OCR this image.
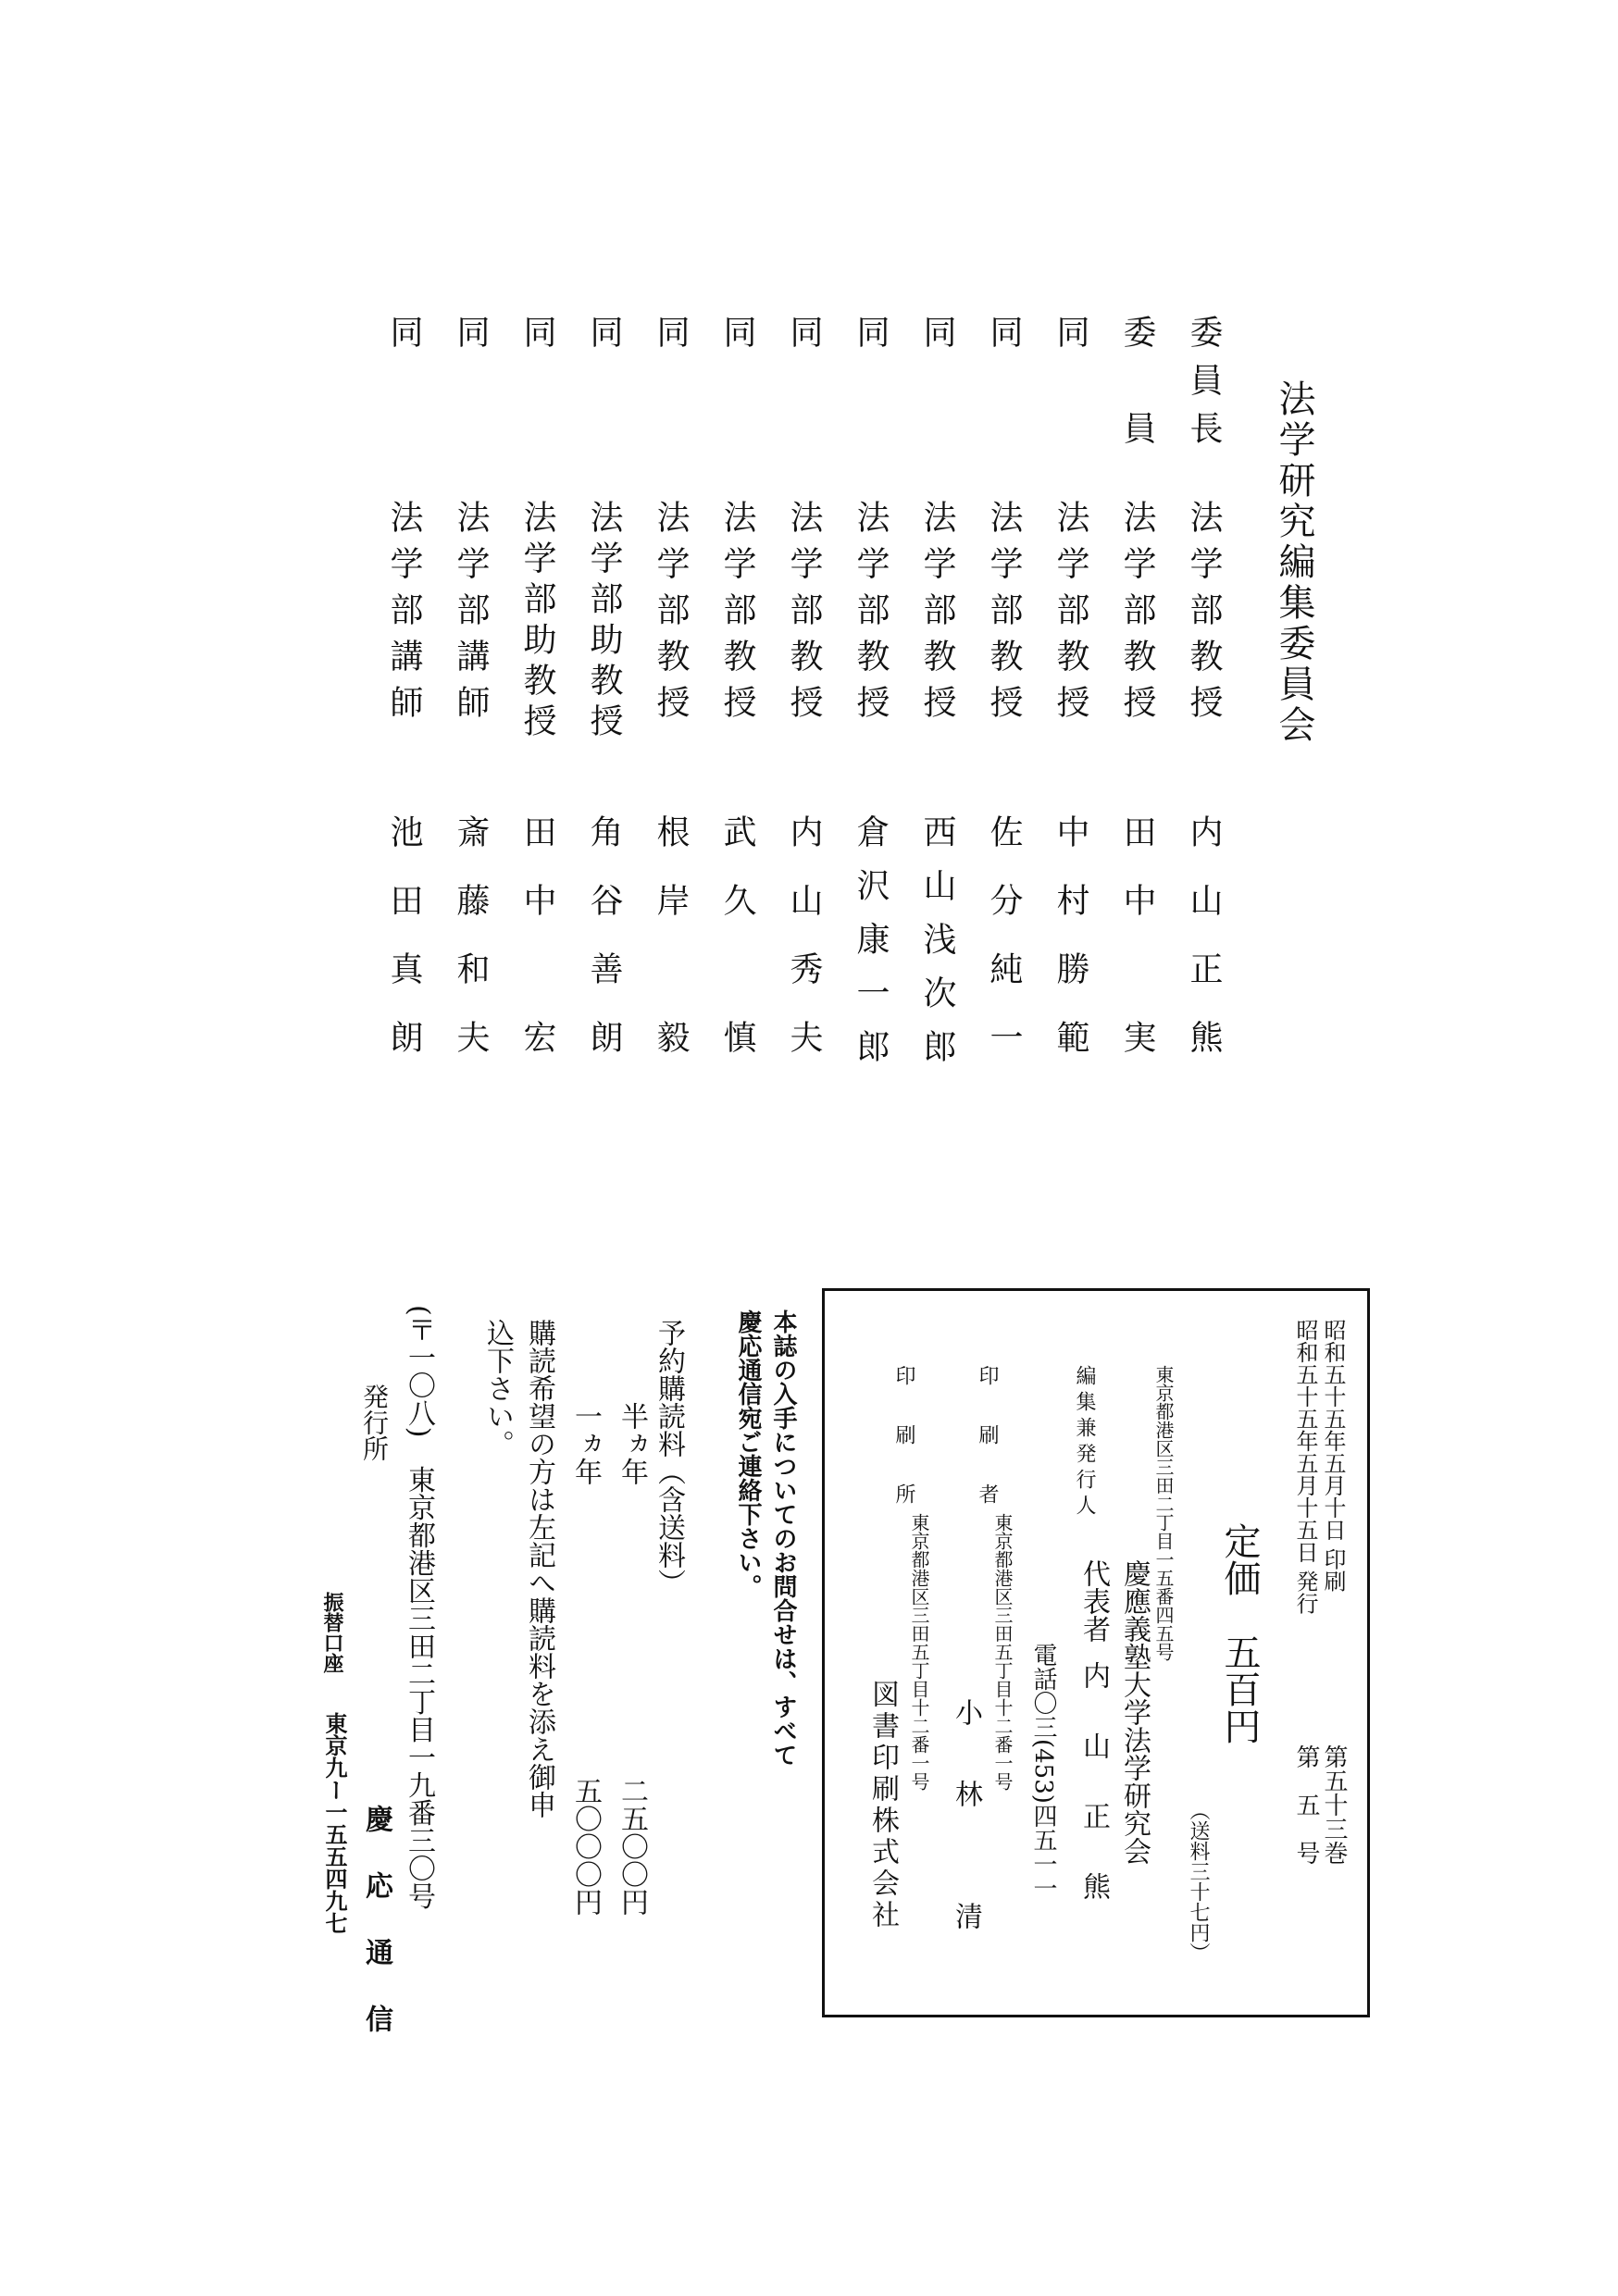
法学研究編集委員会
委員長
法学部教授
内山正熊
委　員
法学部教授
田中　実
同
法学部教授
中村勝範
同
法学部教授
佐分純一
同
法学部教授
西山浅次郎
同
法学部教授
倉沢康一郎
同
法学部教授
内山秀夫
同
法学部教授
武久　慎
同
法学部教授
根岸　毅
同
法学部助教授
角谷善朗
同
法学部助教授
田中　宏
同
法学部講師
斎藤和夫
同
法学部講師
池田真朗
昭和五十五年五月十日 印刷
昭和五十五年五月十五日 発行
第五十三巻
第　五　号
定価　五百円
（送料三十七円）
東京都港区三田二丁目一五番四五号
編集兼発行人
慶應義塾大学法学研究会
代表者
内　山　正　熊
電話〇三(453)四五一一
印　刷　者
東京都港区三田五丁目十二番一号
小　林　　清
印　刷　所
東京都港区三田五丁目十二番一号
図書印刷株式会社
本誌の入手についてのお問合せは、すべて
慶応通信宛ご連絡下さい。
予約購読料（含送料）
半ヵ年
二五〇〇円
一ヵ年
五〇〇〇円
購読希望の方は左記へ購読料を添え御申
込下さい。
(〒一〇八)　東京都港区三田二丁目一九番三〇号
発行所
慶　応　通　信
振替口座
東京九ー一五五四九七
